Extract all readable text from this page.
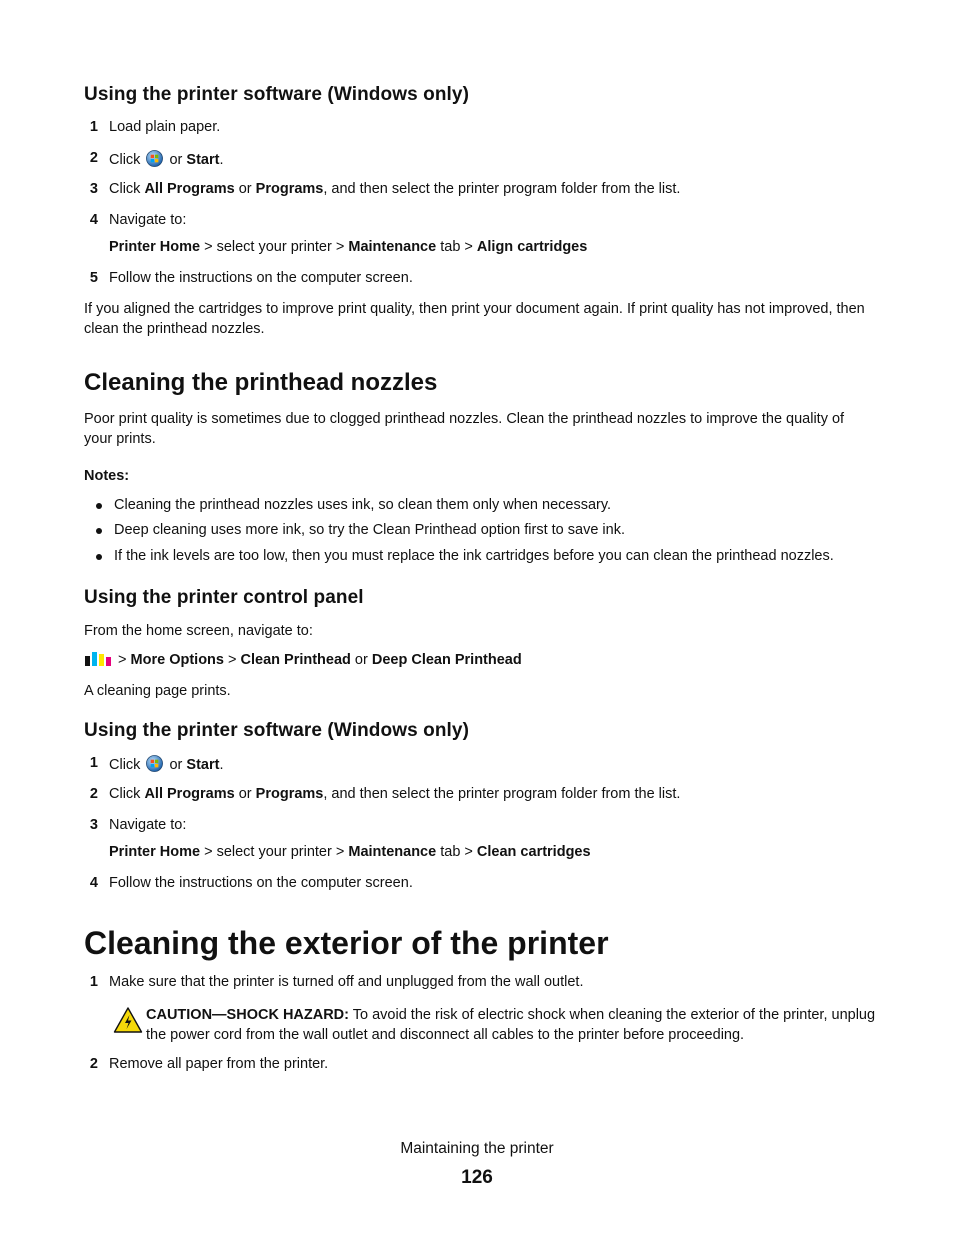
Using the printer software (Windows only)
1 Load plain paper.
2 Click or Start.
3 Click All Programs or Programs, and then select the printer program folder from the list.
4 Navigate to:
Printer Home > select your printer > Maintenance tab > Align cartridges
5 Follow the instructions on the computer screen.
If you aligned the cartridges to improve print quality, then print your document again. If print quality has not improved, then clean the printhead nozzles.
Cleaning the printhead nozzles
Poor print quality is sometimes due to clogged printhead nozzles. Clean the printhead nozzles to improve the quality of your prints.
Notes:
Cleaning the printhead nozzles uses ink, so clean them only when necessary.
Deep cleaning uses more ink, so try the Clean Printhead option first to save ink.
If the ink levels are too low, then you must replace the ink cartridges before you can clean the printhead nozzles.
Using the printer control panel
From the home screen, navigate to:
> More Options > Clean Printhead or Deep Clean Printhead
A cleaning page prints.
Using the printer software (Windows only)
1 Click or Start.
2 Click All Programs or Programs, and then select the printer program folder from the list.
3 Navigate to:
Printer Home > select your printer > Maintenance tab > Clean cartridges
4 Follow the instructions on the computer screen.
Cleaning the exterior of the printer
1 Make sure that the printer is turned off and unplugged from the wall outlet.
CAUTION—SHOCK HAZARD: To avoid the risk of electric shock when cleaning the exterior of the printer, unplug the power cord from the wall outlet and disconnect all cables to the printer before proceeding.
2 Remove all paper from the printer.
Maintaining the printer
126
